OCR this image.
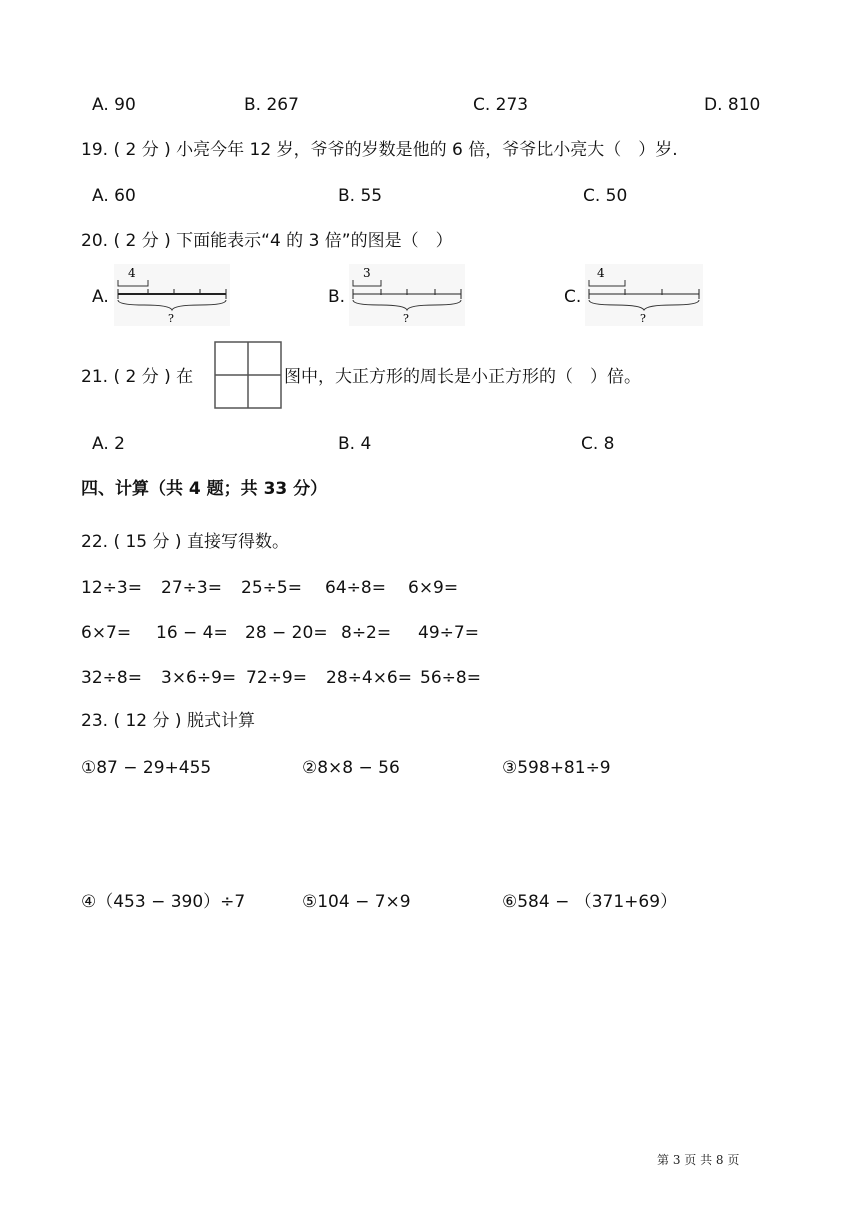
A. 90	B. 267	C. 273	D. 810
19. ( 2 分 ) 小亮今年 12 岁，爷爷的岁数是他的 6 倍，爷爷比小亮大（　）岁.
A. 60	B. 55	C. 50
20. ( 2 分 ) 下面能表示“4 的 3 倍”的图是（　）
A.
4
?
B.
3
?
C.
4
?
21. ( 2 分 ) 在	图中，大正方形的周长是小正方形的（　）倍。
A. 2	B. 4	C. 8
四、计算（共 4 题；共 33 分）
22. ( 15 分 ) 直接写得数。
12÷3= 27÷3= 25÷5= 64÷8= 6×9=
6×7= 16 − 4= 28 − 20= 8÷2= 49÷7=
32÷8= 3×6÷9= 72÷9= 28÷4×6= 56÷8=
23. ( 12 分 ) 脱式计算
①87 − 29+455	②8×8 − 56	③598+81÷9
④（453 − 390）÷7	⑤104 − 7×9	⑥584 − （371+69）
第 3 页 共 8 页
